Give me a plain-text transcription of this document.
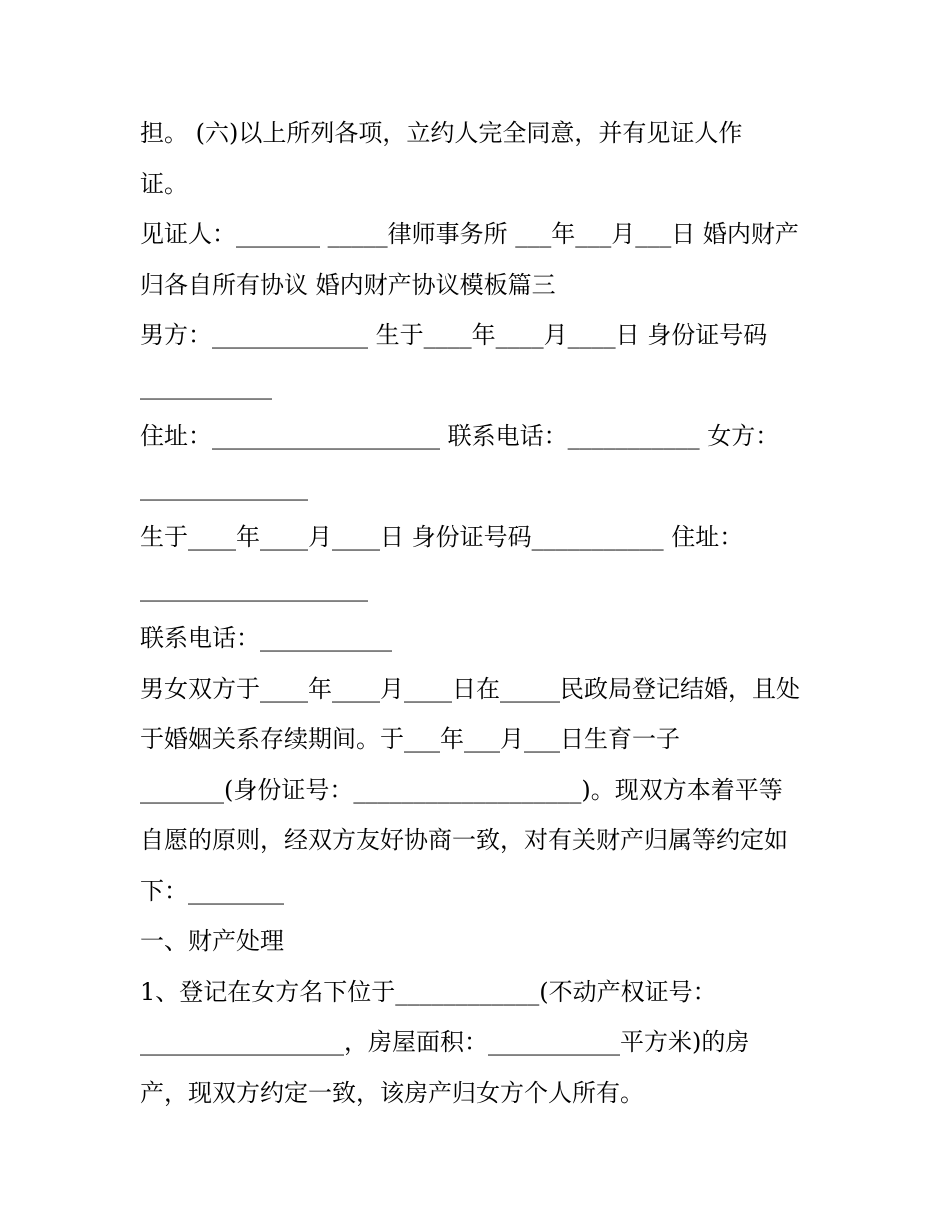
担。 (六)以上所列各项，立约人完全同意，并有见证人作
证。
见证人：_______ _____律师事务所 ___年___月___日 婚内财产
归各自所有协议 婚内财产协议模板篇三
男方：_____________ 生于____年____月____日 身份证号码
___________
住址：___________________ 联系电话：___________ 女方：
______________
生于____年____月____日 身份证号码___________ 住址：
___________________
联系电话：___________
男女双方于____年____月____日在_____民政局登记结婚，且处
于婚姻关系存续期间。于___年___月___日生育一子
_______(身份证号：___________________)。现双方本着平等
自愿的原则，经双方友好协商一致，对有关财产归属等约定如
下：________
一、财产处理
1、登记在女方名下位于____________(不动产权证号：
_________________，房屋面积：___________平方米)的房
产，现双方约定一致，该房产归女方个人所有。
